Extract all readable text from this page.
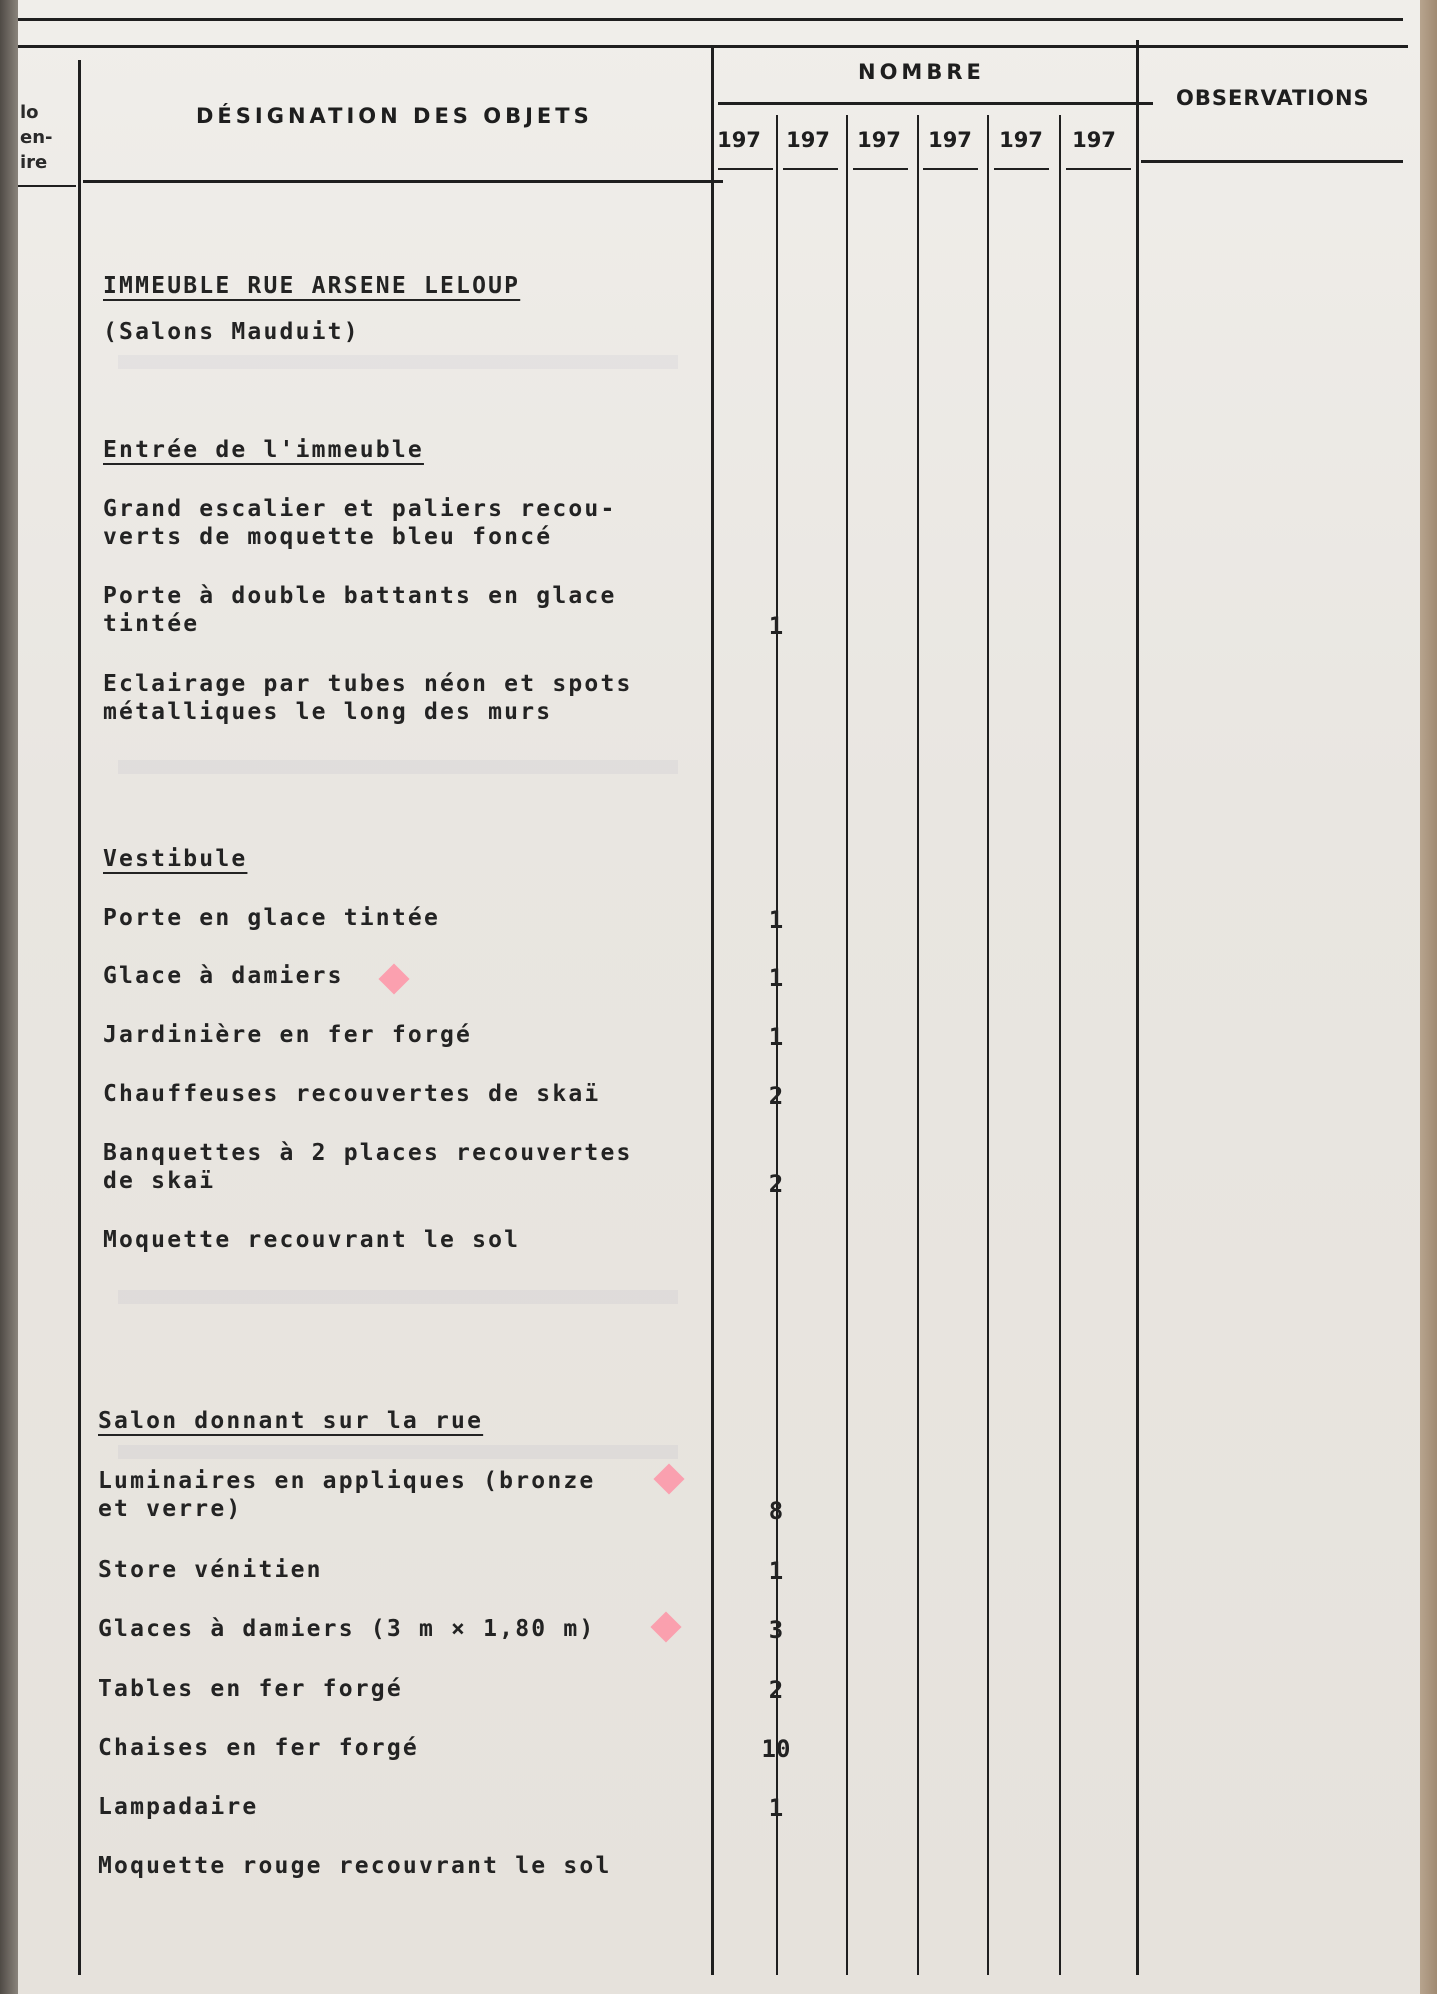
lo
en-
ire
DÉSIGNATION DES OBJETS
NOMBRE
OBSERVATIONS
197 197 197 197 197 197
IMMEUBLE RUE ARSENE LELOUP
(Salons Mauduit)
Entrée de l'immeuble
Grand escalier et paliers recou-
verts de moquette bleu foncé
Porte à double battants en glace
tintée	1
Eclairage par tubes néon et spots
métalliques le long des murs
Vestibule
Porte en glace tintée	1
Glace à damiers	1
Jardinière en fer forgé	1
Chauffeuses recouvertes de skaï	2
Banquettes à 2 places recouvertes
de skaï	2
Moquette recouvrant le sol
Salon donnant sur la rue
Luminaires en appliques (bronze
et verre)	8
Store vénitien	1
Glaces à damiers (3 m × 1,80 m)	3
Tables en fer forgé	2
Chaises en fer forgé	10
Lampadaire	1
Moquette rouge recouvrant le sol
